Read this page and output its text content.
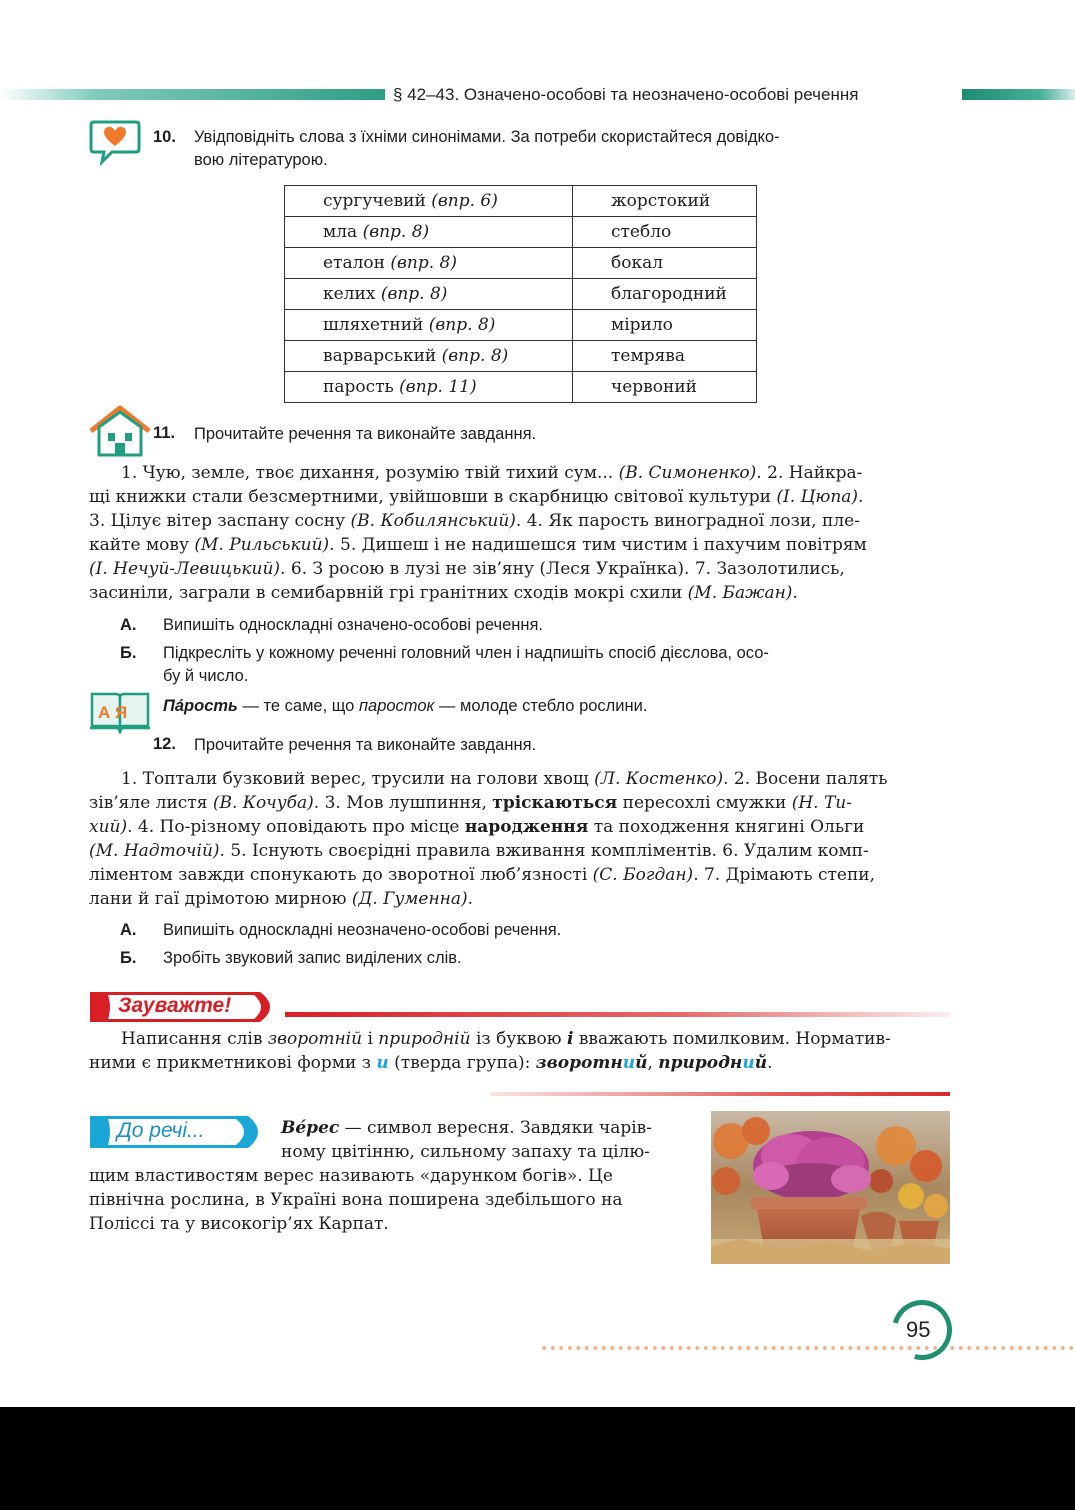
§ 42–43. Означено-особові та неозначено-особові речення
10. Увідповідніть слова з їхніми синонімами. За потреби скористайтеся довідко-
вою літературою.
сургучевий (впр. 6)	жорстокий
мла (впр. 8)	стебло
еталон (впр. 8)	бокал
келих (впр. 8)	благородний
шляхетний (впр. 8)	мірило
варварський (впр. 8)	темрява
парость (впр. 11)	червоний
11. Прочитайте речення та виконайте завдання.
1. Чую, земле, твоє дихання, розумію твій тихий сум... (В. Симоненко). 2. Найкра-
щі книжки стали безсмертними, увійшовши в скарбницю світової культури (І. Цюпа).
3. Цілує вітер заспану сосну (В. Кобилянський). 4. Як парость виноградної лози, пле-
кайте мову (М. Рильський). 5. Дишеш і не надишешся тим чистим і пахучим повітрям
(І. Нечуй-Левицький). 6. З росою в лузі не зів’яну (Леся Українка). 7. Зазолотились,
засиніли, заграли в семибарвній грі гранітних сходів мокрі схили (М. Бажан).
А. Випишіть односкладні означено-особові речення.
Б. Підкресліть у кожному реченні головний член і надпишіть спосіб дієслова, осо-
бу й число.
А Я Па́рость — те саме, що паросток — молоде стебло рослини.
12. Прочитайте речення та виконайте завдання.
1. Топтали бузковий верес, трусили на голови хвощ (Л. Костенко). 2. Восени палять
зів’яле листя (В. Кочуба). 3. Мов лушпиння, тріскаються пересохлі смужки (Н. Ти-
хий). 4. По-різному оповідають про місце народження та походження княгині Ольги
(М. Надточій). 5. Існують своєрідні правила вживання компліментів. 6. Удалим комп-
ліментом завжди спонукають до зворотної люб’язності (С. Богдан). 7. Дрімають степи,
лани й гаї дрімотою мирною (Д. Гуменна).
А. Випишіть односкладні неозначено-особові речення.
Б. Зробіть звуковий запис виділених слів.
Зауважте!
Написання слів зворотній і природній із буквою і вважають помилковим. Норматив-
ними є прикметникові форми з и (тверда група): зворотний, природний.
До речі...	Ве́рес — символ вересня. Завдяки чарів-
ному цвітінню, сильному запаху та цілю-
щим властивостям верес називають «дарунком богів». Це
північна рослина, в Україні вона поширена здебільшого на
Поліссі та у високогір’ях Карпат.
95
